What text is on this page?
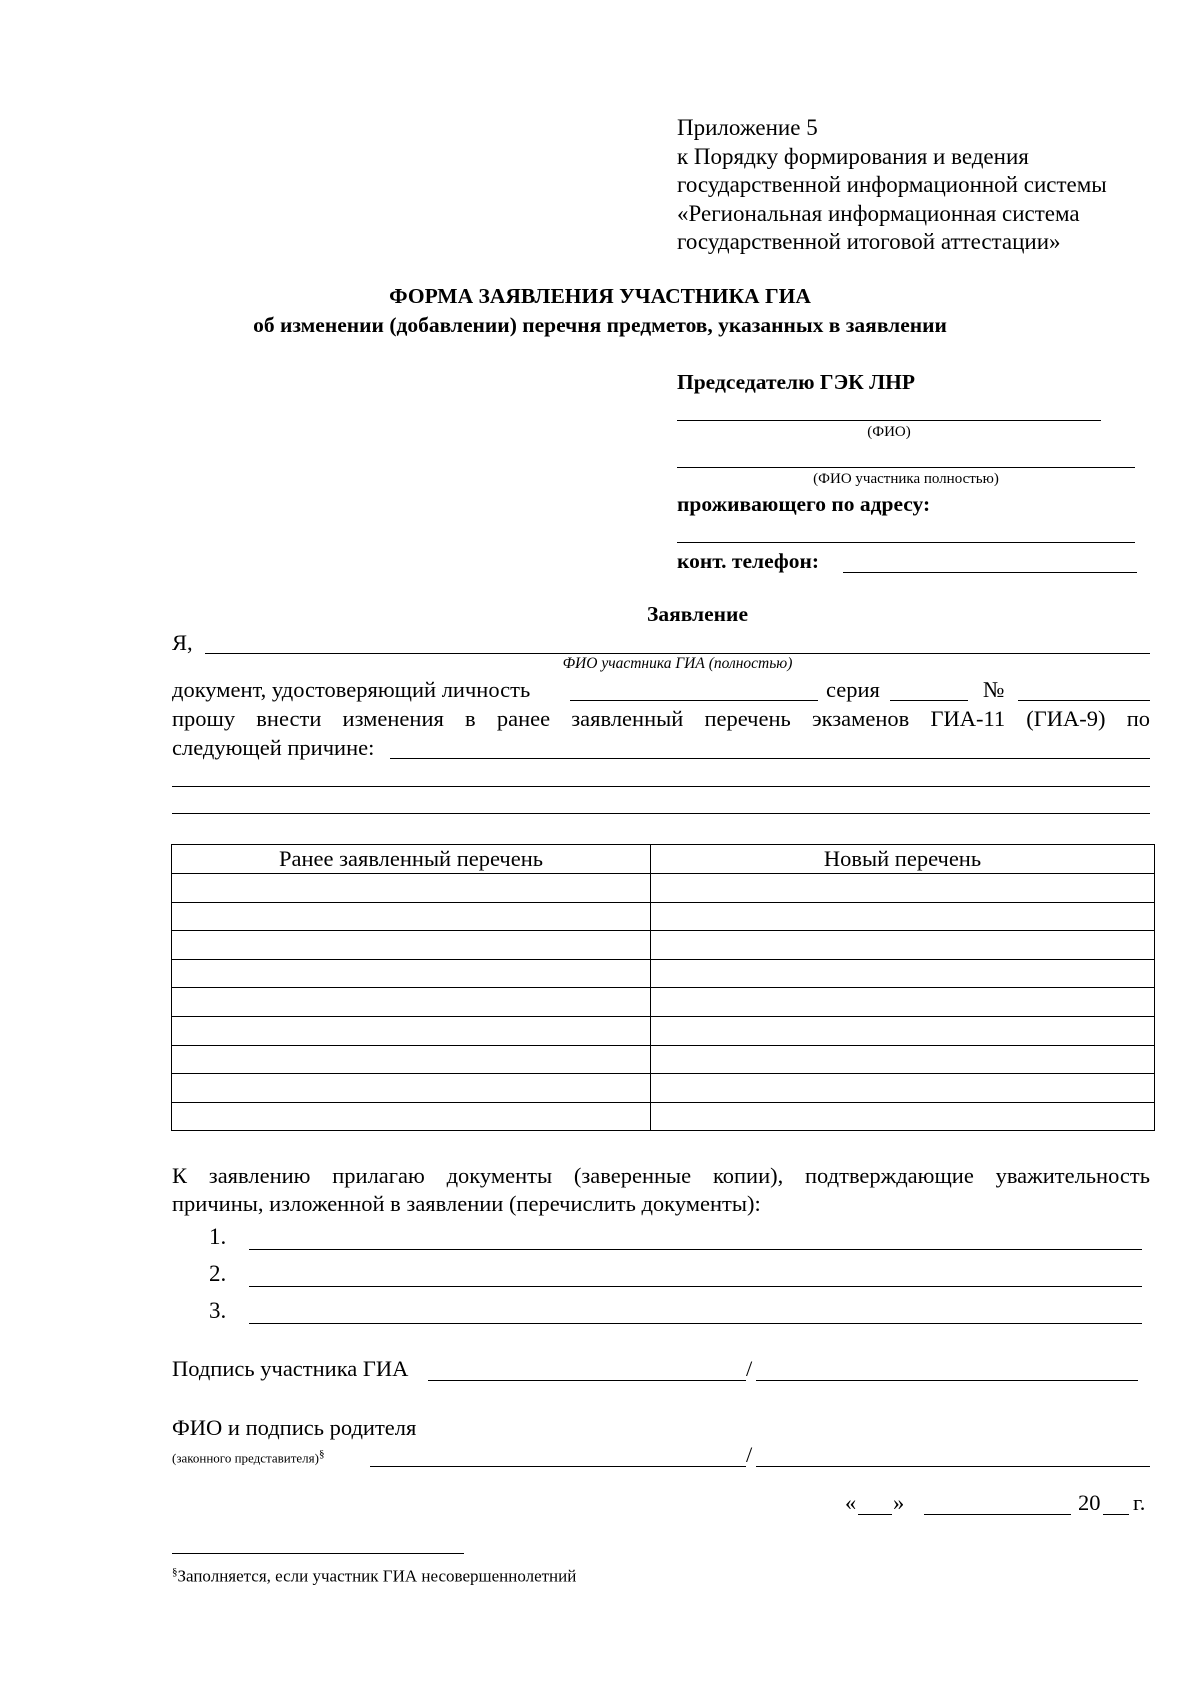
Приложение 5
к Порядку формирования и ведения
государственной информационной системы
«Региональная информационная система
государственной итоговой аттестации»
ФОРМА ЗАЯВЛЕНИЯ УЧАСТНИКА ГИА
об изменении (добавлении) перечня предметов, указанных в заявлении
Председателю ГЭК ЛНР
(ФИО)
(ФИО участника полностью)
проживающего по адресу:
конт. телефон:
Заявление
Я,
ФИО участника ГИА (полностью)
документ, удостоверяющий личность	серия	№
прошу внести изменения в ранее заявленный перечень экзаменов ГИА-11 (ГИА-9) по
следующей причине:
Ранее заявленный перечень	Новый перечень

К заявлению прилагаю документы (заверенные копии), подтверждающие уважительность
причины, изложенной в заявлении (перечислить документы):
1.
2.
3.
Подпись участника ГИА	/
ФИО и подпись родителя
(законного представителя)§	/
« »	20 г.
§Заполняется, если участник ГИА несовершеннолетний
